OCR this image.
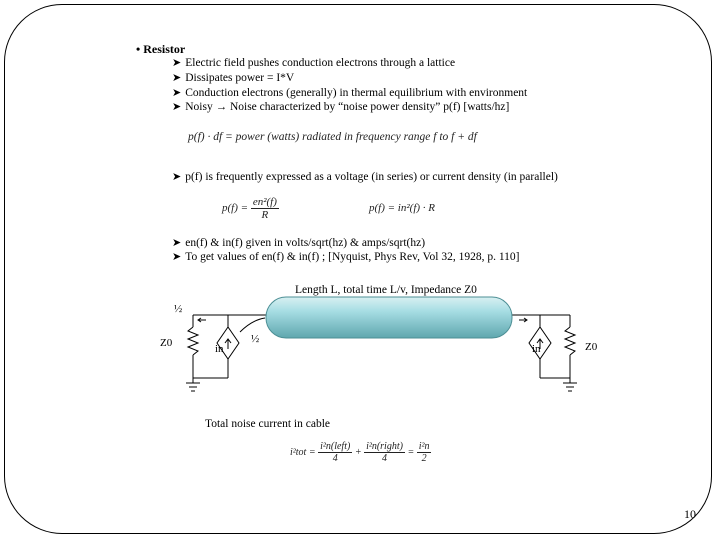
• Resistor
➤ Electric field pushes conduction electrons through a lattice
➤ Dissipates power = I*V
➤ Conduction electrons (generally) in thermal equilibrium with environment
➤ Noisy → Noise characterized by “noise power density” p(f) [watts/hz]
p(f) · df = power (watts) radiated in frequency range f to f + df
➤ p(f) is frequently expressed as a voltage (in series) or current density (in parallel)
$p(f) = \frac{\text{en²(f)}}{R}$	p(f) = in²(f) · R
➤ en(f) & in(f) given in volts/sqrt(hz) & amps/sqrt(hz)
➤ To get values of en(f) & in(f) ; [Nyquist, Phys Rev, Vol 32, 1928, p. 110]
Length L, total time L/v, Impedance Z0
½
½
Z0	Z0
in	in
Total noise current in cable
$i^2tot = \frac{\text{i²n(left)}}{4} + \frac{\text{i²n(right)}}{4} = \frac{\text{i²n}}{2}$
10
